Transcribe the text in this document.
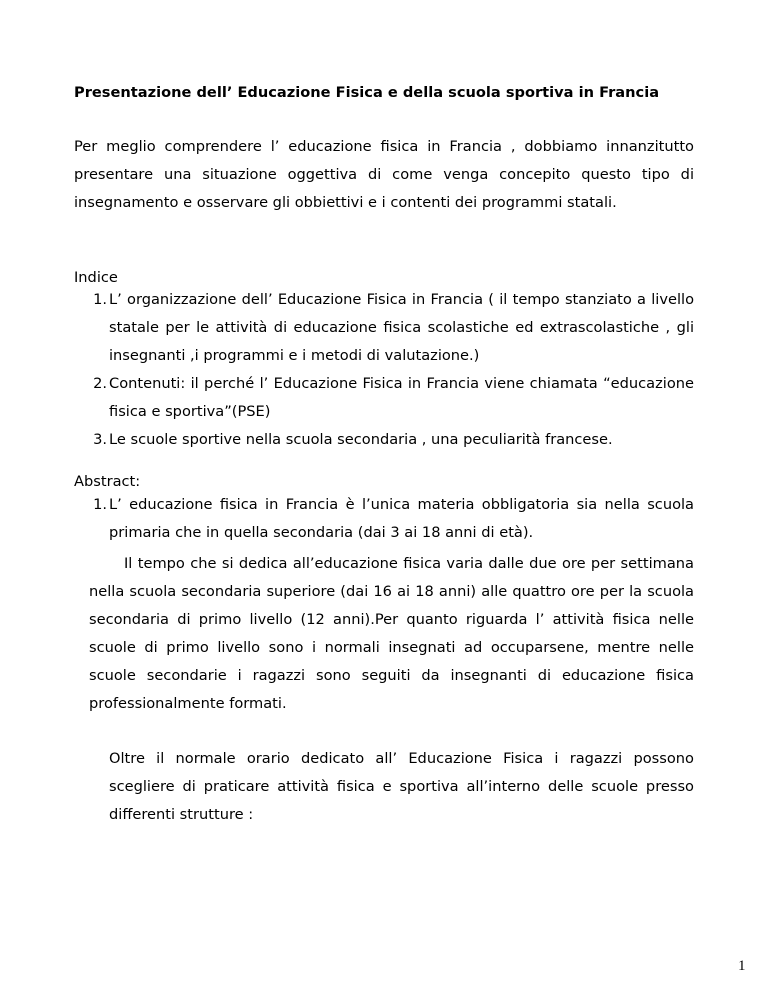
Presentazione dell’ Educazione Fisica e della scuola sportiva in Francia
Per meglio comprendere l’ educazione fisica in Francia , dobbiamo innanzitutto presentare una situazione oggettiva di come venga concepito questo tipo di insegnamento e osservare gli obbiettivi e i contenti dei programmi statali.
Indice
1. L’ organizzazione dell’ Educazione Fisica in Francia ( il tempo stanziato a livello statale per le attività di educazione fisica scolastiche ed extrascolastiche , gli insegnanti ,i programmi e i metodi di valutazione.)
2. Contenuti: il perché l’ Educazione Fisica in Francia viene chiamata “educazione fisica e sportiva”(PSE)
3. Le scuole sportive nella scuola secondaria , una peculiarità francese.
Abstract:
1. L’ educazione fisica in Francia è l’unica materia obbligatoria sia nella scuola primaria che in quella secondaria (dai 3 ai 18 anni di età).
Il tempo che si dedica all’educazione fisica varia dalle due ore per settimana nella scuola secondaria superiore (dai 16 ai 18 anni) alle quattro ore per la scuola secondaria di primo livello (12 anni).Per quanto riguarda l’ attività fisica nelle scuole di primo livello sono i normali insegnati ad occuparsene, mentre nelle scuole secondarie i ragazzi sono seguiti da insegnanti di educazione fisica professionalmente formati.
Oltre il normale orario dedicato all’ Educazione Fisica i ragazzi possono scegliere di praticare attività fisica e sportiva all’interno delle scuole presso differenti strutture :
1
